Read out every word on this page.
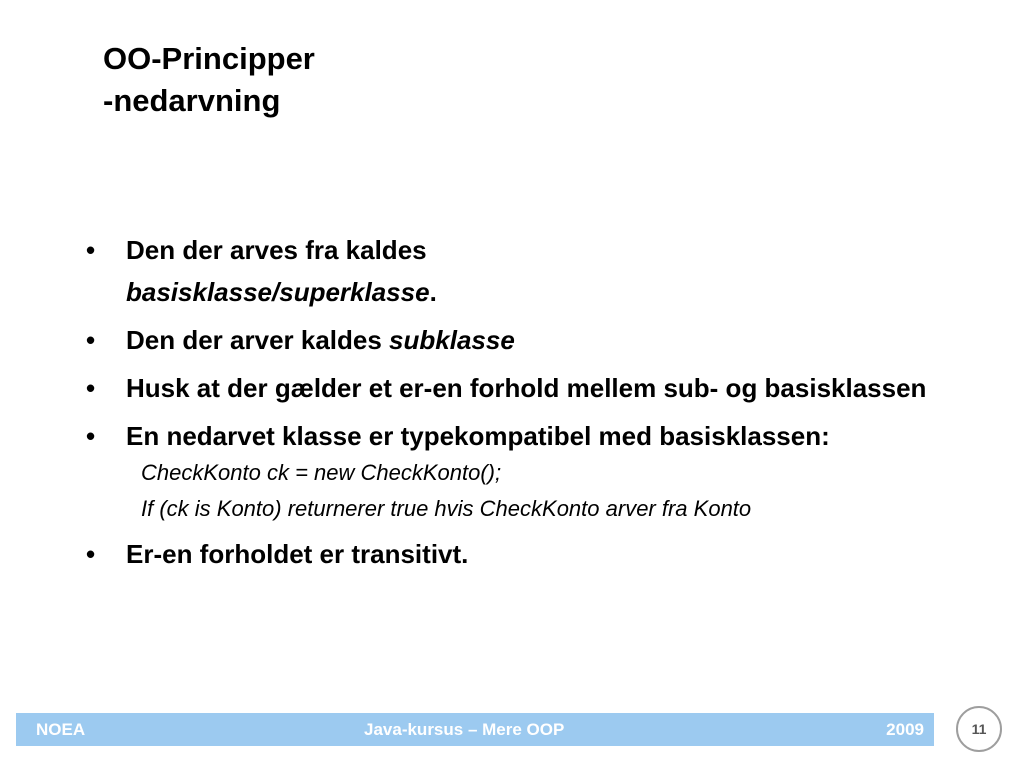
OO-Principper
-nedarvning
•	Den der arves fra kaldes
basisklasse/superklasse.
•	Den der arver kaldes subklasse
•	Husk at der gælder et er-en forhold mellem sub- og basisklassen
•	En nedarvet klasse er typekompatibel med basisklassen:
CheckKonto ck = new CheckKonto();
If (ck is Konto) returnerer true hvis CheckKonto arver fra Konto
•	Er-en forholdet er transitivt.
NOEA	Java-kursus – Mere OOP	2009	11
